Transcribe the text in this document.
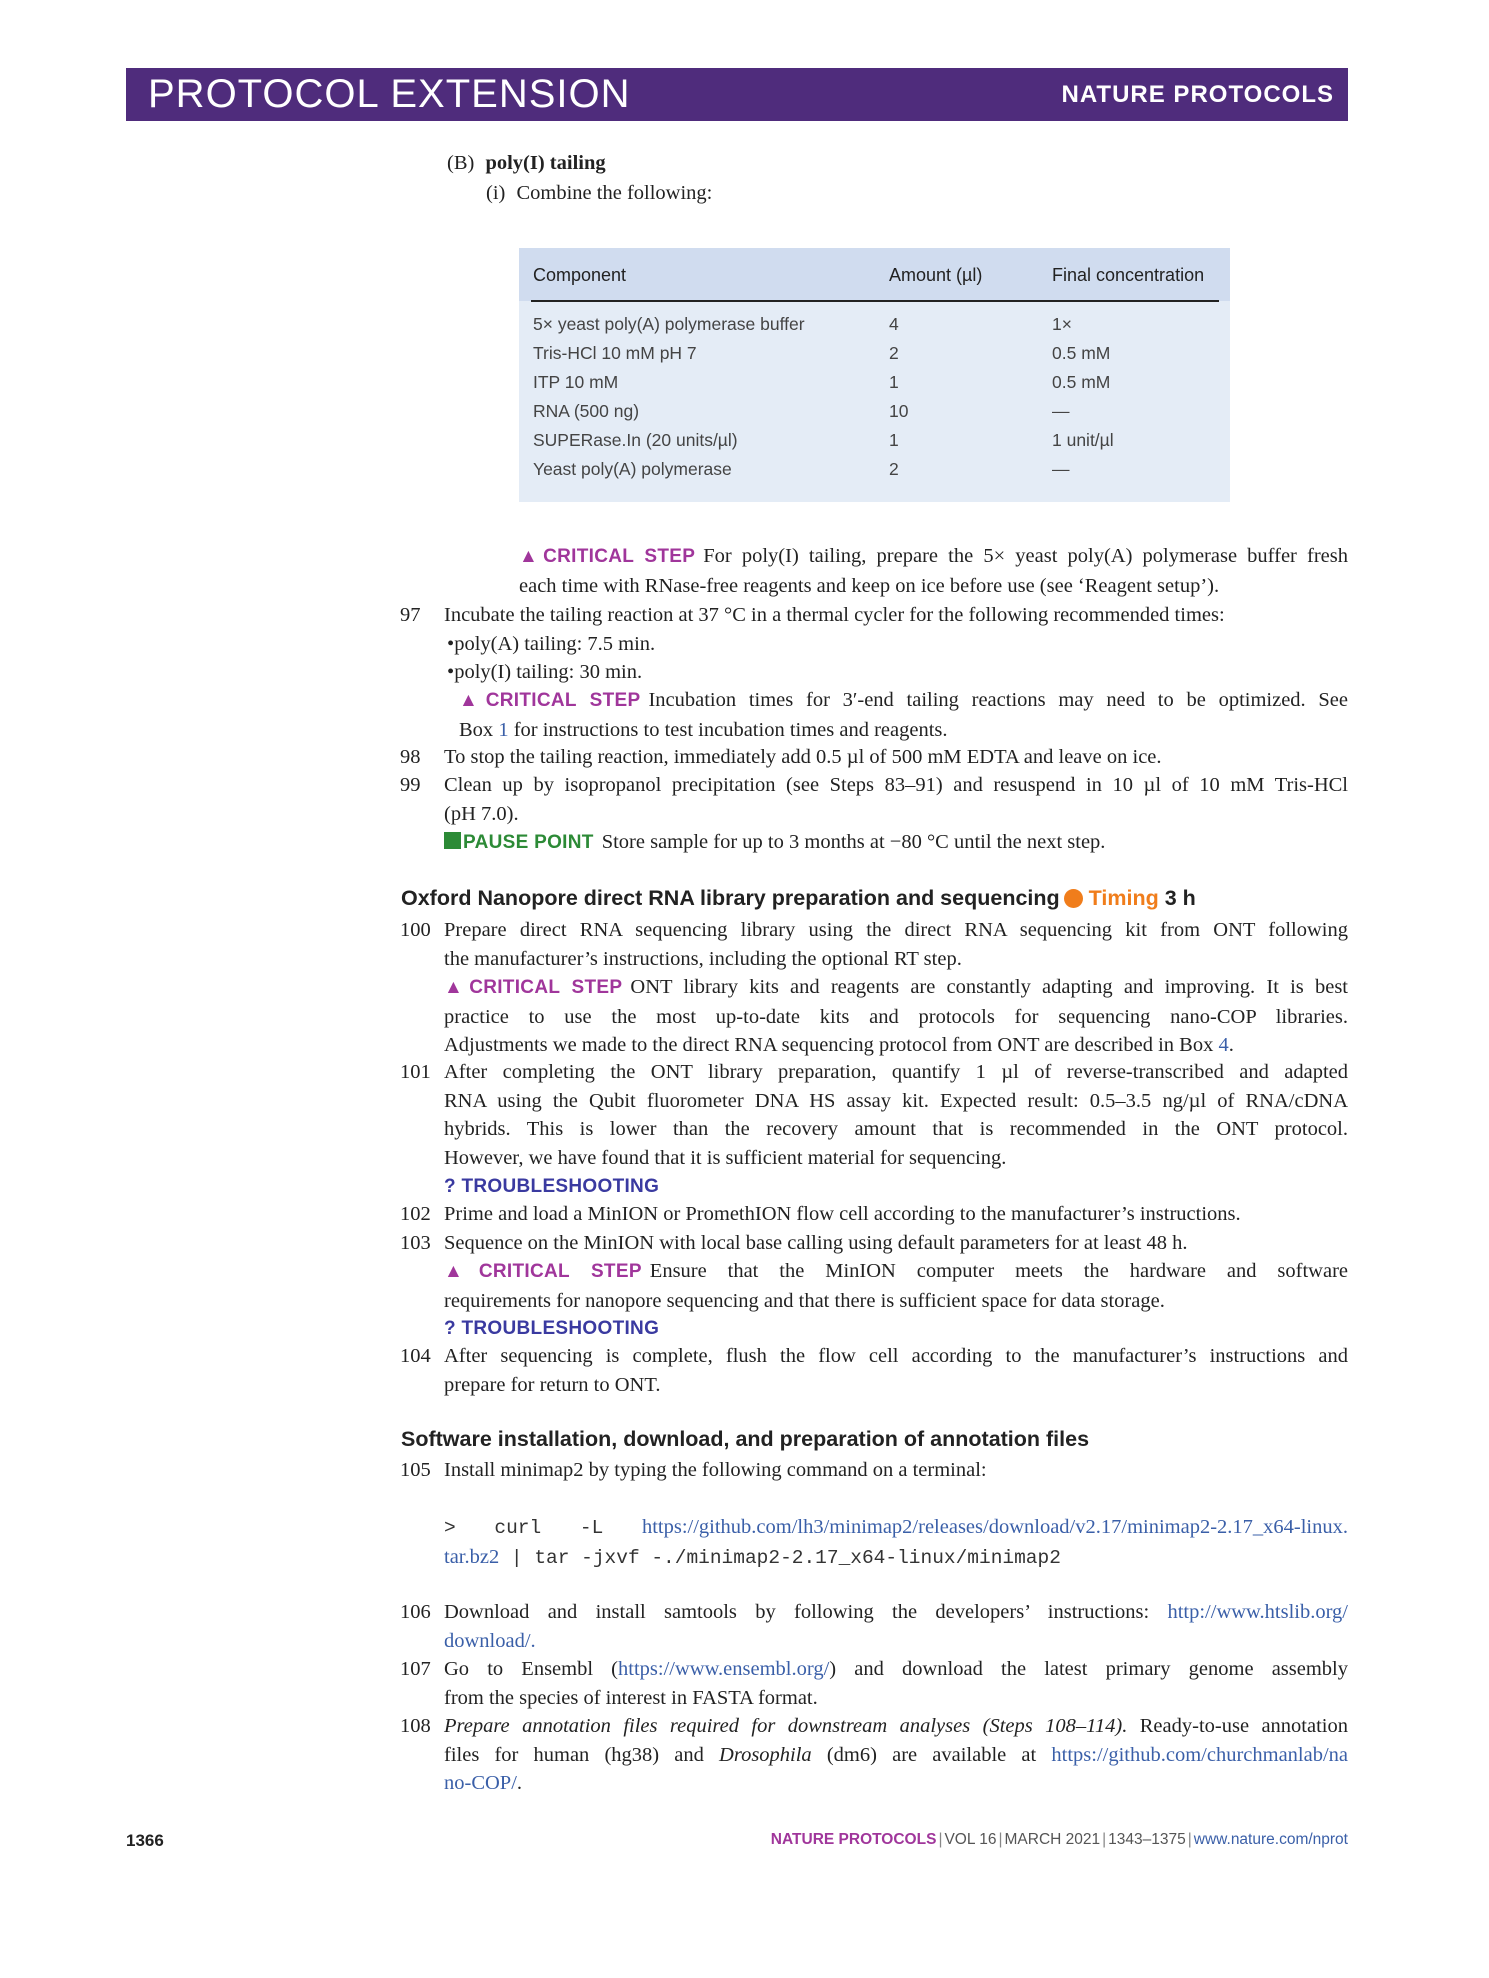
PROTOCOL EXTENSION	NATURE PROTOCOLS
(B) poly(I) tailing
(i) Combine the following:
Component	Amount (µl)	Final concentration
5× yeast poly(A) polymerase buffer	4	1×
Tris-HCl 10 mM pH 7	2	0.5 mM
ITP 10 mM	1	0.5 mM
RNA (500 ng)	10	—
SUPERase.In (20 units/µl)	1	1 unit/µl
Yeast poly(A) polymerase	2	—
▲CRITICAL STEP For poly(I) tailing, prepare the 5× yeast poly(A) polymerase buffer fresh
each time with RNase-free reagents and keep on ice before use (see ‘Reagent setup’).
97 Incubate the tailing reaction at 37 °C in a thermal cycler for the following recommended times:
•poly(A) tailing: 7.5 min.
•poly(I) tailing: 30 min.
▲CRITICAL STEP Incubation times for 3′-end tailing reactions may need to be optimized. See
Box 1 for instructions to test incubation times and reagents.
98 To stop the tailing reaction, immediately add 0.5 µl of 500 mM EDTA and leave on ice.
99 Clean up by isopropanol precipitation (see Steps 83–91) and resuspend in 10 µl of 10 mM Tris-HCl
(pH 7.0).
PAUSE POINT Store sample for up to 3 months at −80 °C until the next step.
Oxford Nanopore direct RNA library preparation and sequencing Timing 3 h
100 Prepare direct RNA sequencing library using the direct RNA sequencing kit from ONT following
the manufacturer’s instructions, including the optional RT step.
▲CRITICAL STEP ONT library kits and reagents are constantly adapting and improving. It is best
practice to use the most up-to-date kits and protocols for sequencing nano-COP libraries.
Adjustments we made to the direct RNA sequencing protocol from ONT are described in Box 4.
101 After completing the ONT library preparation, quantify 1 µl of reverse-transcribed and adapted
RNA using the Qubit fluorometer DNA HS assay kit. Expected result: 0.5–3.5 ng/µl of RNA/cDNA
hybrids. This is lower than the recovery amount that is recommended in the ONT protocol.
However, we have found that it is sufficient material for sequencing.
? TROUBLESHOOTING
102 Prime and load a MinION or PromethION flow cell according to the manufacturer’s instructions.
103 Sequence on the MinION with local base calling using default parameters for at least 48 h.
▲CRITICAL STEP Ensure that the MinION computer meets the hardware and software
requirements for nanopore sequencing and that there is sufficient space for data storage.
? TROUBLESHOOTING
104 After sequencing is complete, flush the flow cell according to the manufacturer’s instructions and
prepare for return to ONT.
Software installation, download, and preparation of annotation files
105 Install minimap2 by typing the following command on a terminal:
> curl -L https://github.com/lh3/minimap2/releases/download/v2.17/minimap2-2.17_x64-linux.
tar.bz2 | tar -jxvf -./minimap2-2.17_x64-linux/minimap2
106 Download and install samtools by following the developers’ instructions: http://www.htslib.org/
download/.
107 Go to Ensembl (https://www.ensembl.org/) and download the latest primary genome assembly
from the species of interest in FASTA format.
108 Prepare annotation files required for downstream analyses (Steps 108–114). Ready-to-use annotation
files for human (hg38) and Drosophila (dm6) are available at https://github.com/churchmanlab/na
no-COP/.
1366	NATURE PROTOCOLS | VOL 16 | MARCH 2021 | 1343–1375 | www.nature.com/nprot
